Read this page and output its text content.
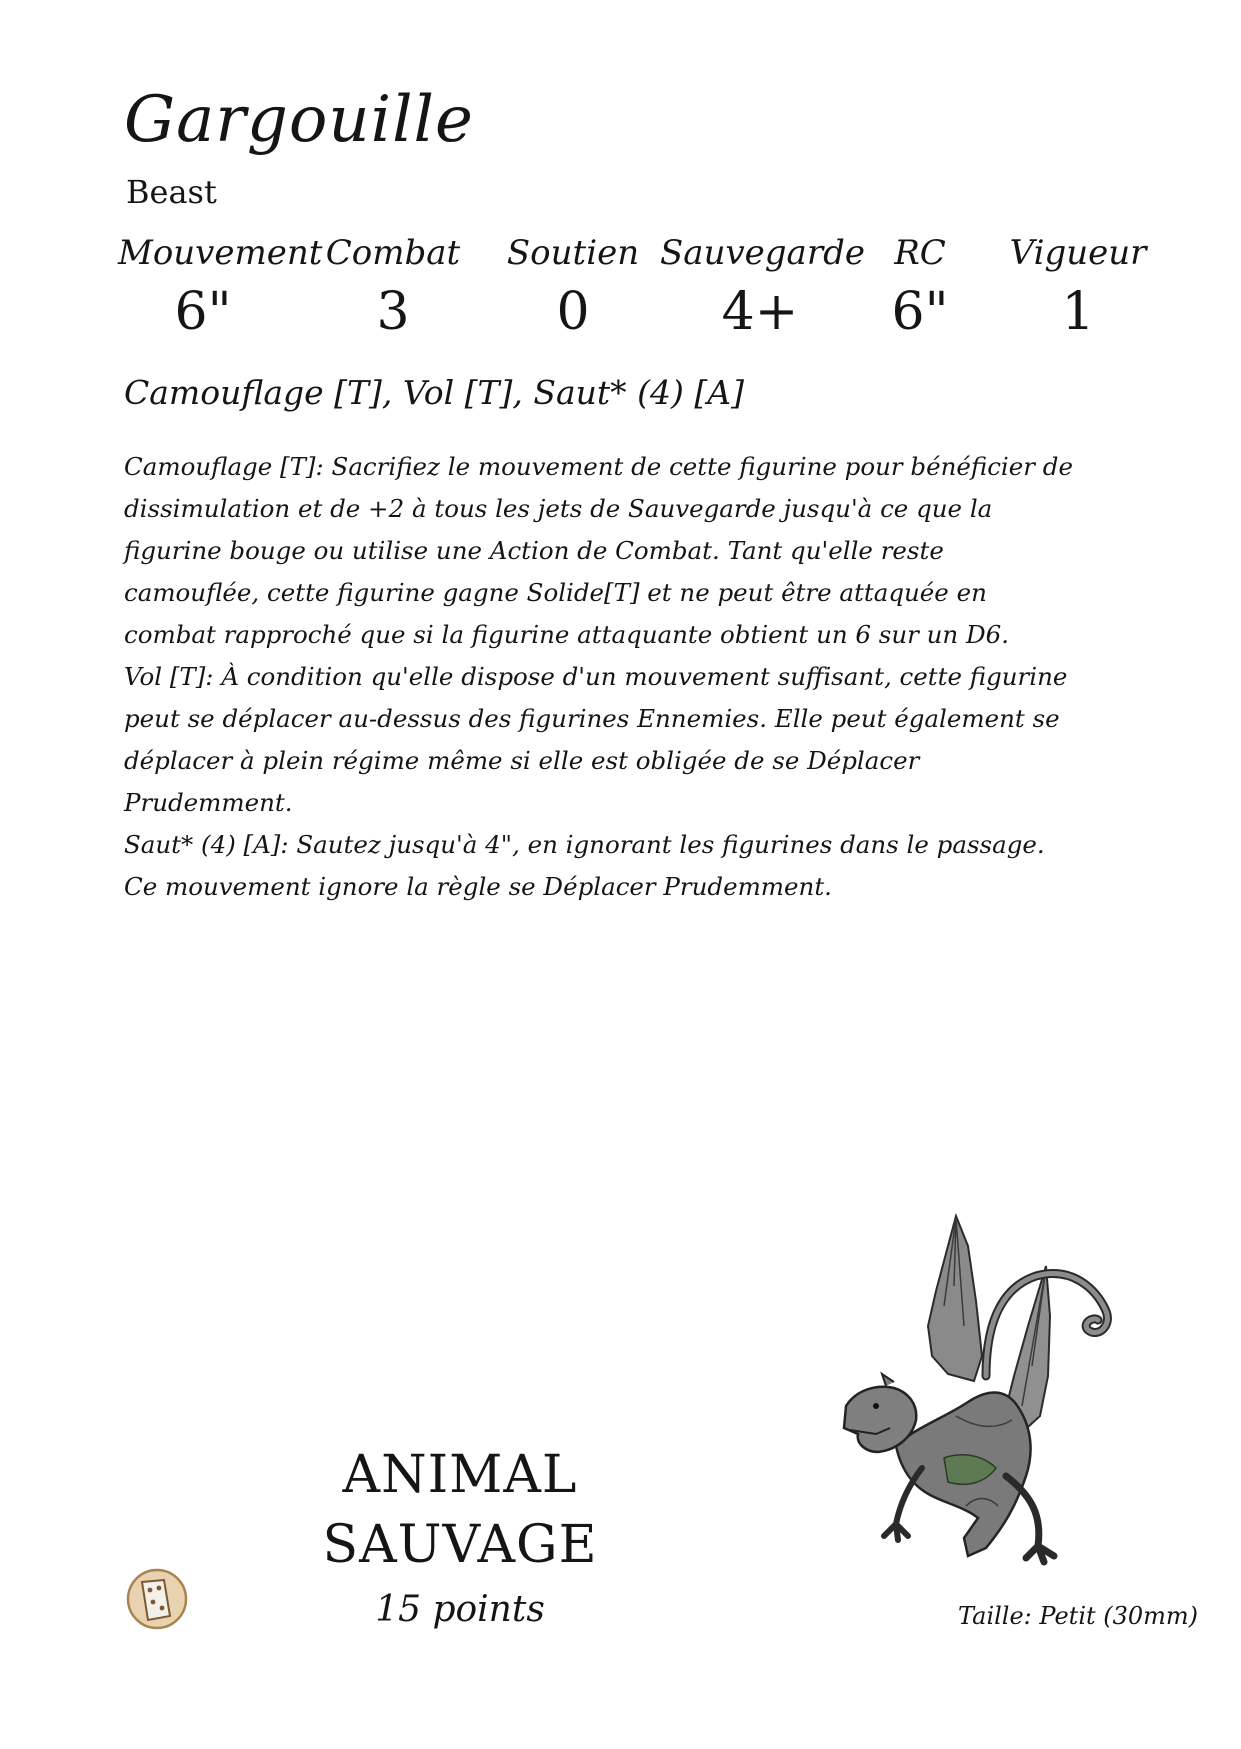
Gargouille
Beast
Mouvement
6"
Combat
3
Soutien
0
Sauvegarde
4+
RC
6"
Vigueur
1
Camouflage [T], Vol [T], Saut* (4) [A]

Camouflage [T]: Sacrifiez le mouvement de cette figurine pour bénéficier de dissimulation et de +2 à tous les jets de Sauvegarde jusqu'à ce que la figurine bouge ou utilise une Action de Combat. Tant qu'elle reste camouflée, cette figurine gagne Solide[T] et ne peut être attaquée en combat rapproché que si la figurine attaquante obtient un 6 sur un D6.

Vol [T]: À condition qu'elle dispose d'un mouvement suffisant, cette figurine peut se déplacer au-dessus des figurines Ennemies. Elle peut également se déplacer à plein régime même si elle est obligée de se Déplacer Prudemment.

Saut* (4) [A]: Sautez jusqu'à 4", en ignorant les figurines dans le passage. Ce mouvement ignore la règle se Déplacer Prudemment.

ANIMAL
SAUVAGE
15 points	Taille: Petit (30mm)
